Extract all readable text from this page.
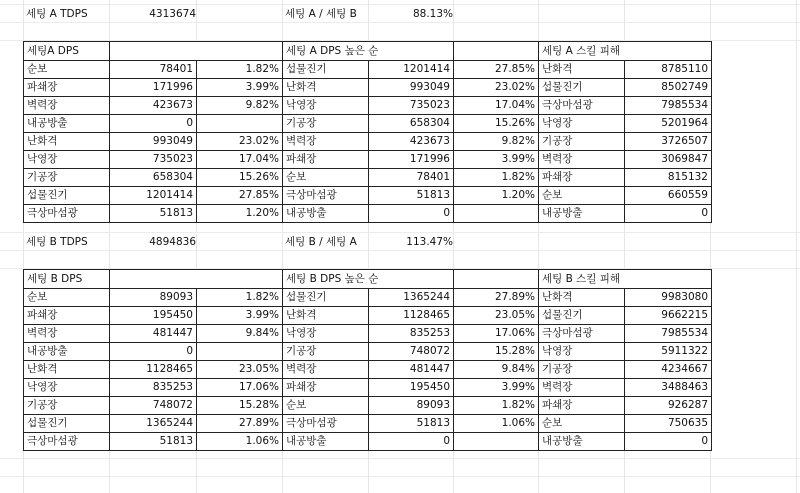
세팅 A TDPS	4313674	세팅 A / 세팅 B	88.13%
세팅A DPS			세팅 A DPS 높은 순			세팅 A 스킬 피해	
순보	78401	1.82%	섭물진기	1201414	27.85%	난화격	8785110
파쇄장	171996	3.99%	난화격	993049	23.02%	섭물진기	8502749
벽력장	423673	9.82%	낙영장	735023	17.04%	극상마섬광	7985534
내공방출	0		기공장	658304	15.26%	낙영장	5201964
난화격	993049	23.02%	벽력장	423673	9.82%	기공장	3726507
낙영장	735023	17.04%	파쇄장	171996	3.99%	벽력장	3069847
기공장	658304	15.26%	순보	78401	1.82%	파쇄장	815132
섭물진기	1201414	27.85%	극상마섬광	51813	1.20%	순보	660559
극상마섬광	51813	1.20%	내공방출	0		내공방출	0
세팅 B TDPS	4894836	세팅 B / 세팅 A	113.47%
세팅 B DPS			세팅 B DPS 높은 순			세팅 B 스킬 피해	
순보	89093	1.82%	섭물진기	1365244	27.89%	난화격	9983080
파쇄장	195450	3.99%	난화격	1128465	23.05%	섭물진기	9662215
벽력장	481447	9.84%	낙영장	835253	17.06%	극상마섬광	7985534
내공방출	0		기공장	748072	15.28%	낙영장	5911322
난화격	1128465	23.05%	벽력장	481447	9.84%	기공장	4234667
낙영장	835253	17.06%	파쇄장	195450	3.99%	벽력장	3488463
기공장	748072	15.28%	순보	89093	1.82%	파쇄장	926287
섭물진기	1365244	27.89%	극상마섬광	51813	1.06%	순보	750635
극상마섬광	51813	1.06%	내공방출	0		내공방출	0
